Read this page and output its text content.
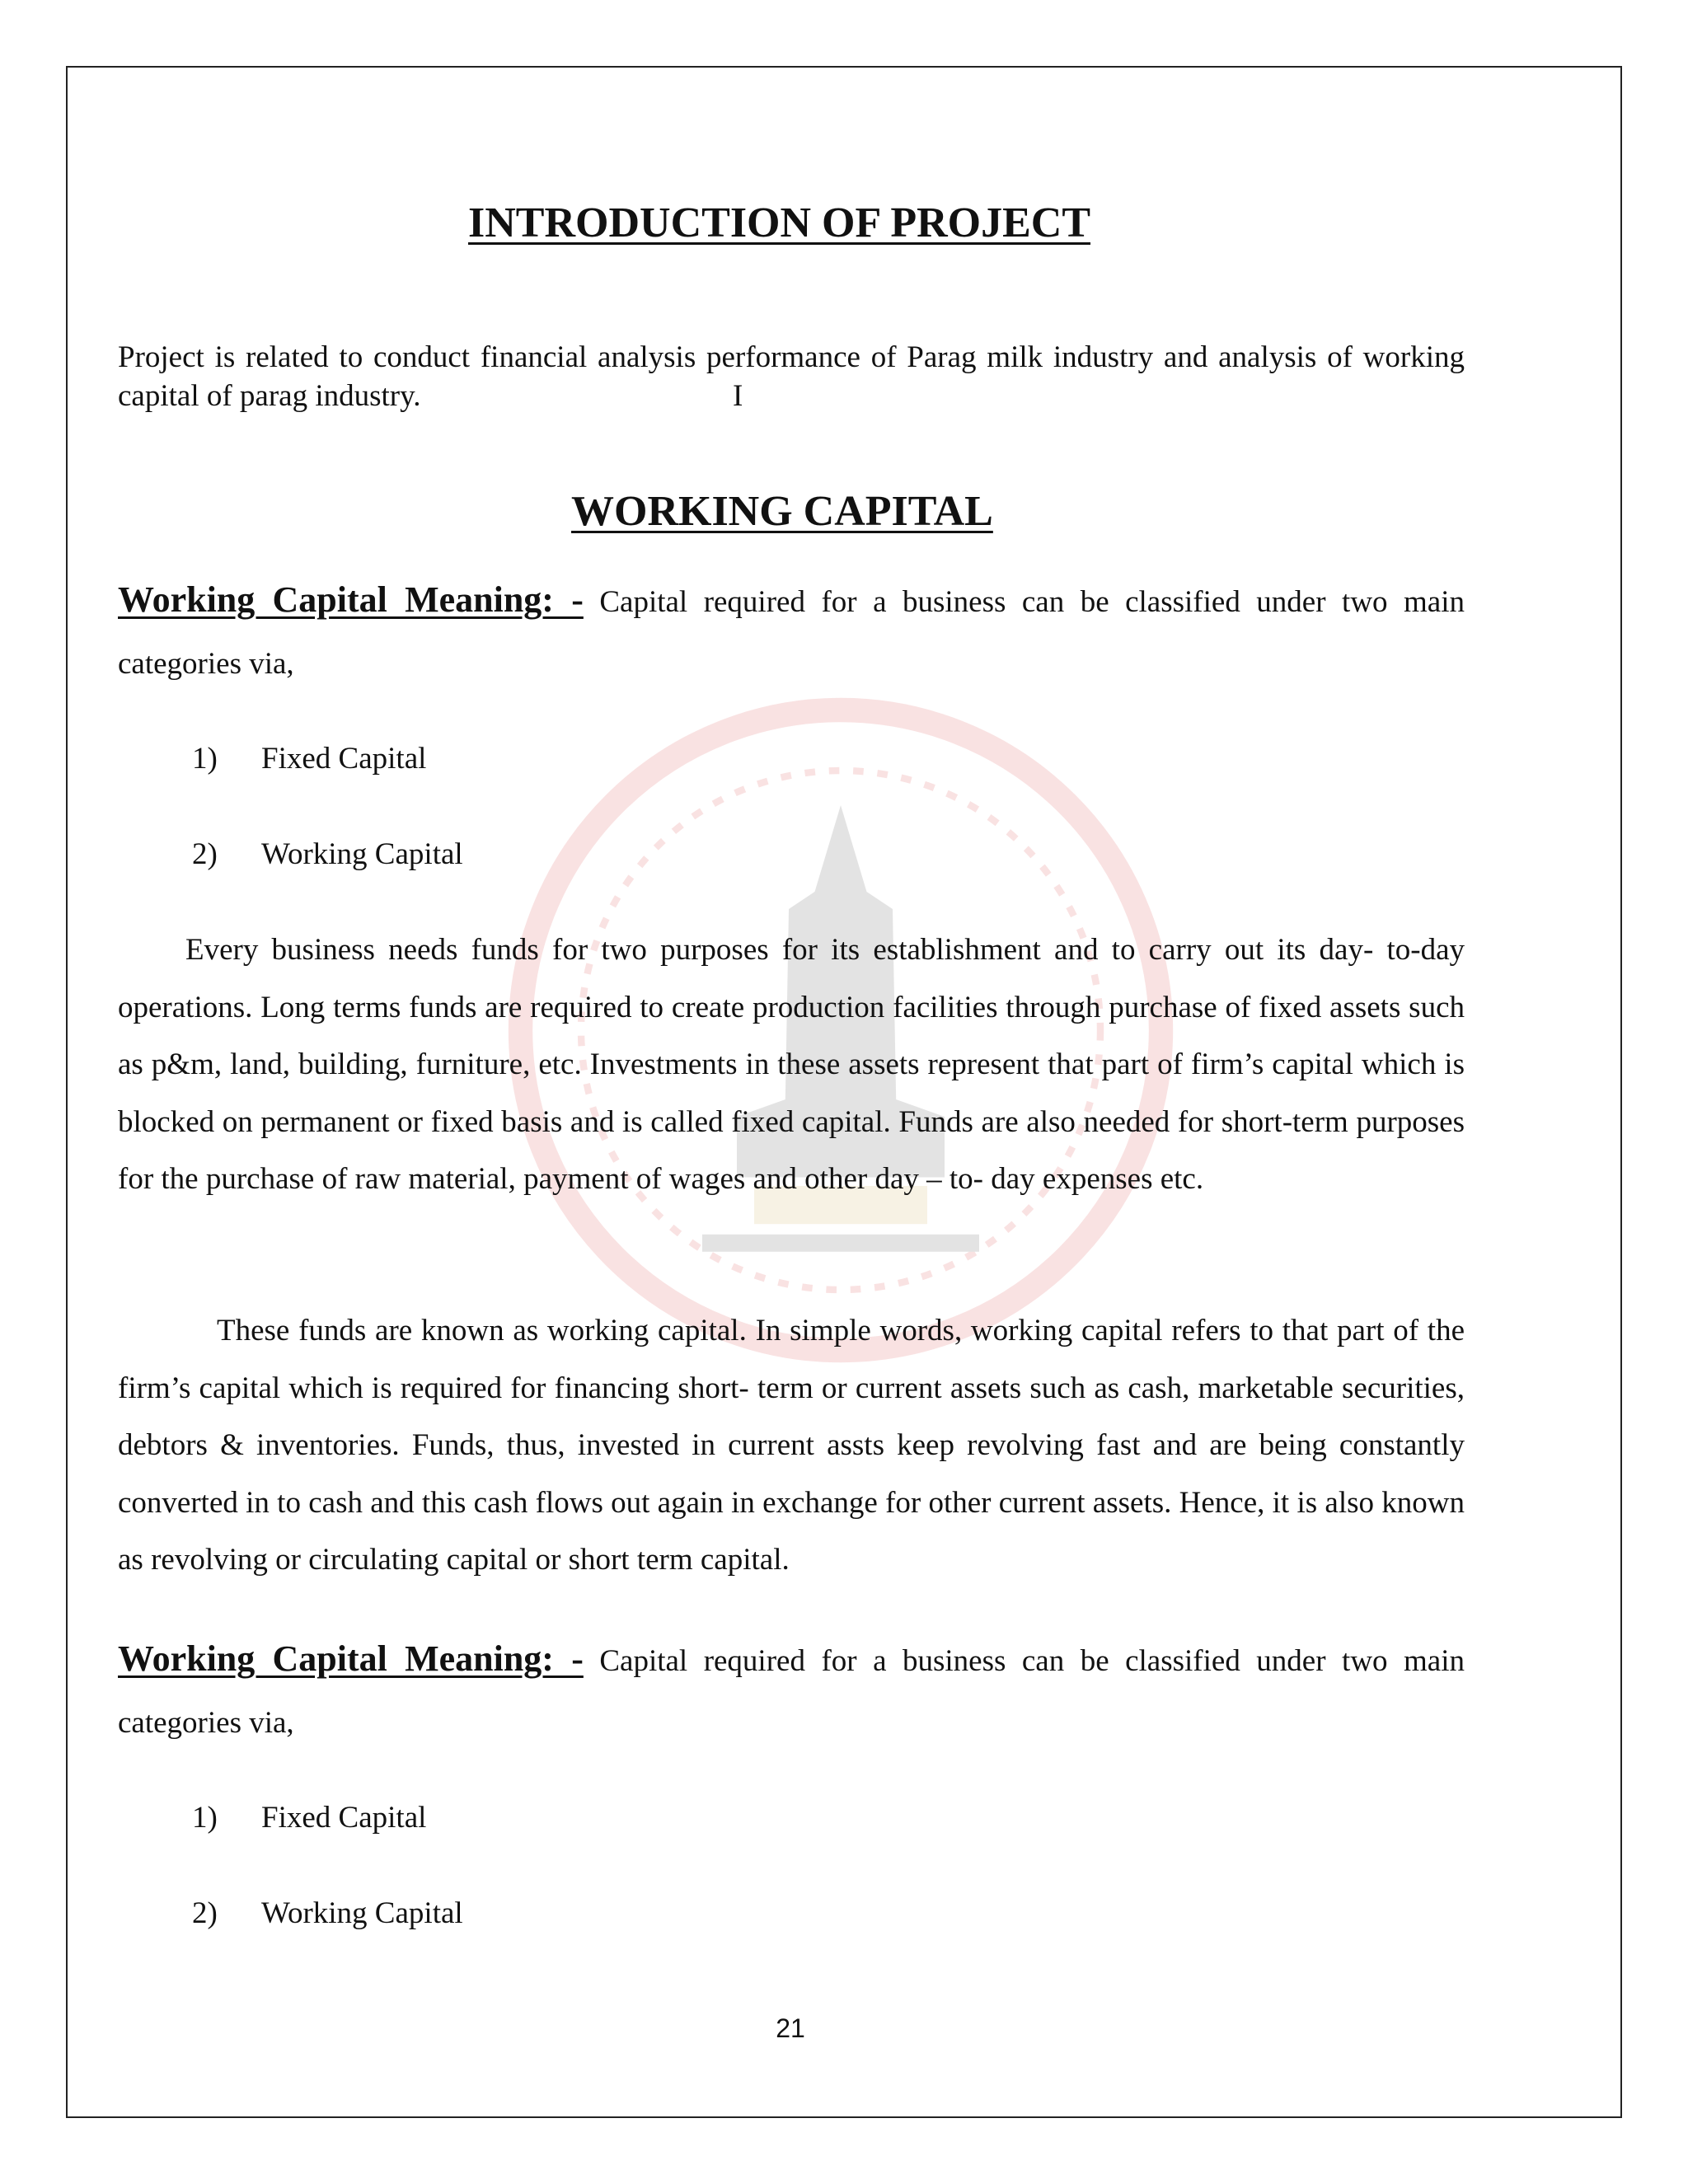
INTRODUCTION OF PROJECT
Project is related to conduct financial analysis performance of Parag milk industry and analysis of working capital of parag industry.	I
WORKING CAPITAL
Working Capital Meaning: - Capital required for a business can be classified under two main categories via,
1) Fixed Capital
2) Working Capital
Every business needs funds for two purposes for its establishment and to carry out its day- to-day operations. Long terms funds are required to create production facilities through purchase of fixed assets such as p&m, land, building, furniture, etc. Investments in these assets represent that part of firm’s capital which is blocked on permanent or fixed basis and is called fixed capital. Funds are also needed for short-term purposes for the purchase of raw material, payment of wages and other day – to- day expenses etc.
These funds are known as working capital. In simple words, working capital refers to that part of the firm’s capital which is required for financing short- term or current assets such as cash, marketable securities, debtors & inventories. Funds, thus, invested in current assts keep revolving fast and are being constantly converted in to cash and this cash flows out again in exchange for other current assets. Hence, it is also known as revolving or circulating capital or short term capital.
Working Capital Meaning: - Capital required for a business can be classified under two main categories via,
1) Fixed Capital
2) Working Capital
21
